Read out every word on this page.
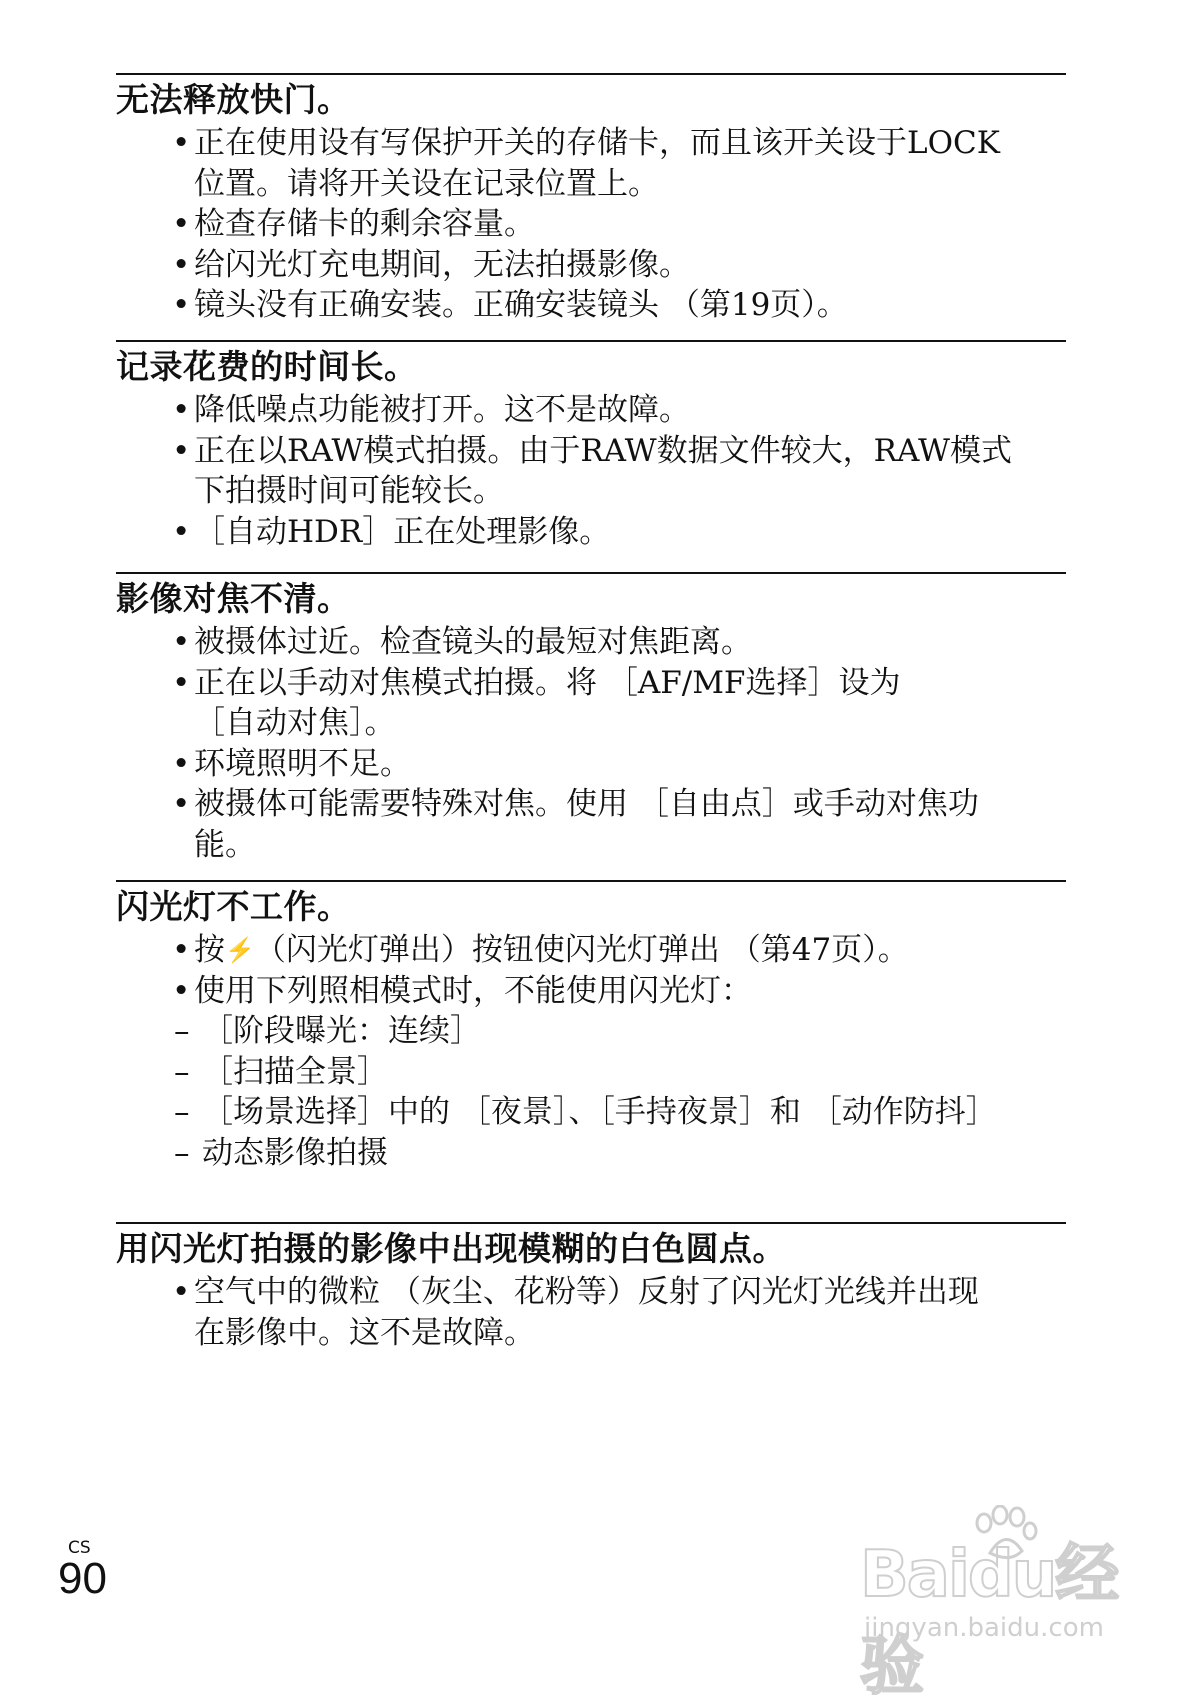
无法释放快门。
• 正在使用设有写保护开关的存储卡，而且该开关设于LOCK位置。请将开关设在记录位置上。
• 检查存储卡的剩余容量。
• 给闪光灯充电期间，无法拍摄影像。
• 镜头没有正确安装。正确安装镜头 （第19页）。
记录花费的时间长。
• 降低噪点功能被打开。这不是故障。
• 正在以RAW模式拍摄。由于RAW数据文件较大，RAW模式下拍摄时间可能较长。
• ［自动HDR］正在处理影像。
影像对焦不清。
• 被摄体过近。检查镜头的最短对焦距离。
• 正在以手动对焦模式拍摄。将 ［AF/MF选择］设为［自动对焦］。
• 环境照明不足。
• 被摄体可能需要特殊对焦。使用 ［自由点］或手动对焦功能。
闪光灯不工作。
• 按⚡（闪光灯弹出）按钮使闪光灯弹出 （第47页）。
• 使用下列照相模式时，不能使用闪光灯：
– ［阶段曝光：连续］
– ［扫描全景］
– ［场景选择］中的 ［夜景］、［手持夜景］和 ［动作防抖］
– 动态影像拍摄
用闪光灯拍摄的影像中出现模糊的白色圆点。
• 空气中的微粒 （灰尘、花粉等）反射了闪光灯光线并出现在影像中。这不是故障。
CS
90	Baidu经验
jingyan.baidu.com
